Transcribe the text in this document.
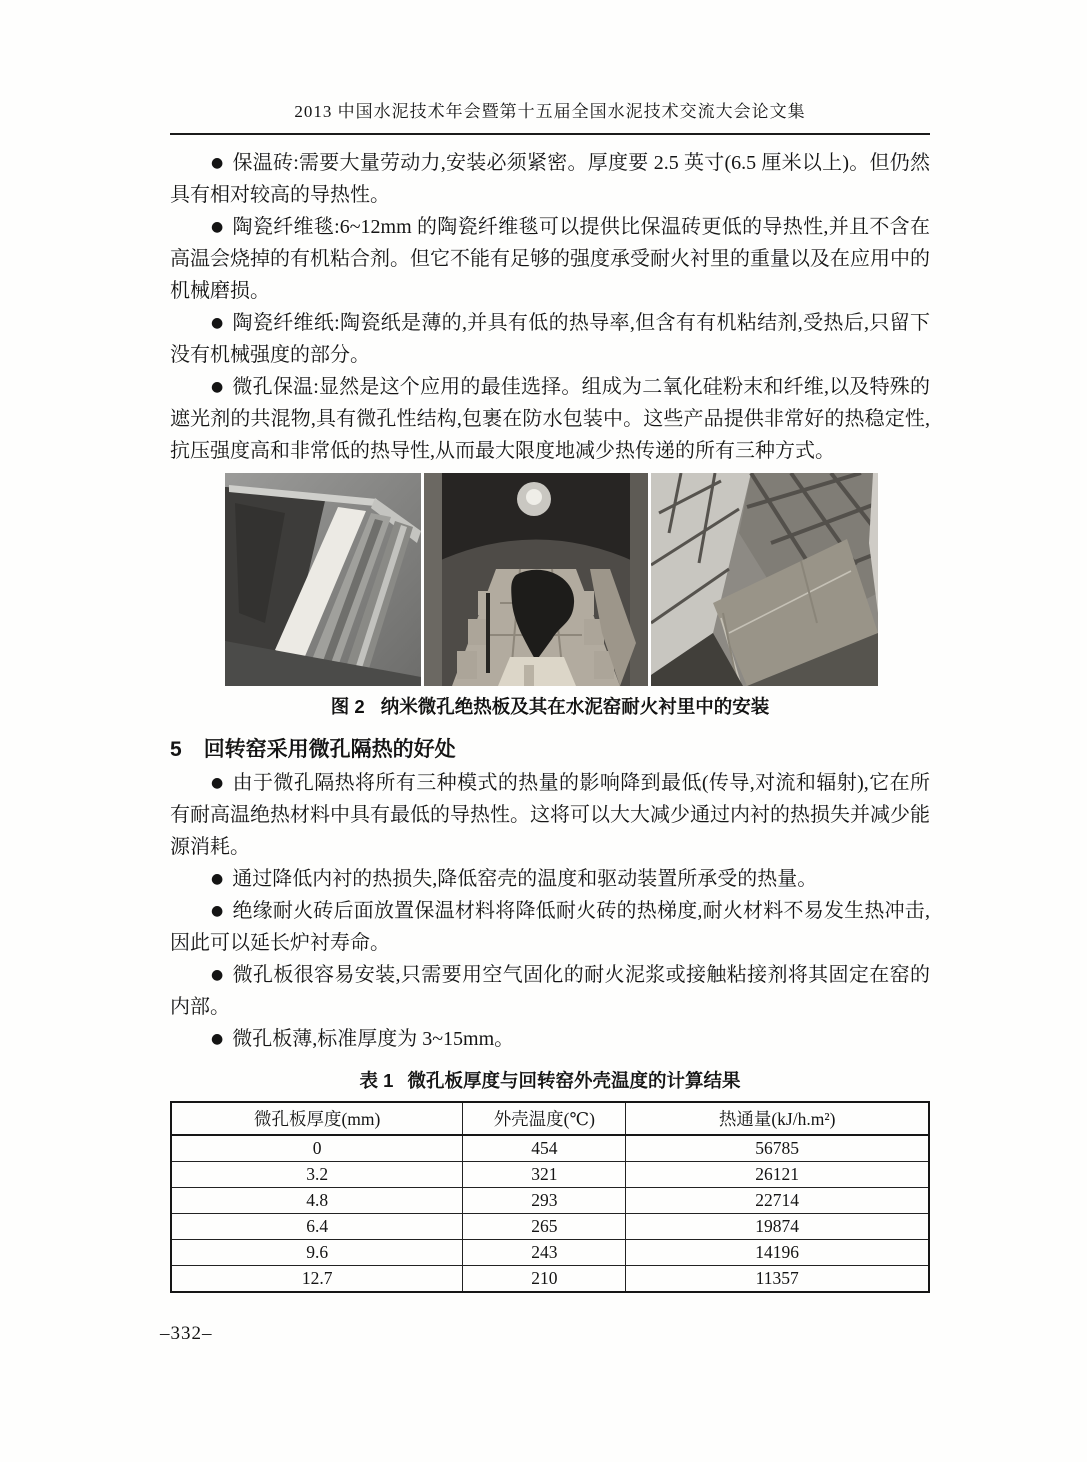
2013 中国水泥技术年会暨第十五届全国水泥技术交流大会论文集

● 保温砖:需要大量劳动力,安装必须紧密。厚度要 2.5 英寸(6.5 厘米以上)。但仍然具有相对较高的导热性。

● 陶瓷纤维毯:6~12mm 的陶瓷纤维毯可以提供比保温砖更低的导热性,并且不含在高温会烧掉的有机粘合剂。但它不能有足够的强度承受耐火衬里的重量以及在应用中的机械磨损。

● 陶瓷纤维纸:陶瓷纸是薄的,并具有低的热导率,但含有有机粘结剂,受热后,只留下没有机械强度的部分。

● 微孔保温:显然是这个应用的最佳选择。组成为二氧化硅粉末和纤维,以及特殊的遮光剂的共混物,具有微孔性结构,包裹在防水包装中。这些产品提供非常好的热稳定性,抗压强度高和非常低的热导性,从而最大限度地减少热传递的所有三种方式。

图 2 纳米微孔绝热板及其在水泥窑耐火衬里中的安装
5 回转窑采用微孔隔热的好处

● 由于微孔隔热将所有三种模式的热量的影响降到最低(传导,对流和辐射),它在所有耐高温绝热材料中具有最低的导热性。这将可以大大减少通过内衬的热损失并减少能源消耗。

● 通过降低内衬的热损失,降低窑壳的温度和驱动装置所承受的热量。

● 绝缘耐火砖后面放置保温材料将降低耐火砖的热梯度,耐火材料不易发生热冲击,因此可以延长炉衬寿命。

● 微孔板很容易安装,只需要用空气固化的耐火泥浆或接触粘接剂将其固定在窑的内部。

● 微孔板薄,标准厚度为 3~15mm。

表 1 微孔板厚度与回转窑外壳温度的计算结果
微孔板厚度(mm)	外壳温度(℃)	热通量(kJ/h.m²)
0	454	56785
3.2	321	26121
4.8	293	22714
6.4	265	19874
9.6	243	14196
12.7	210	11357
–332–
